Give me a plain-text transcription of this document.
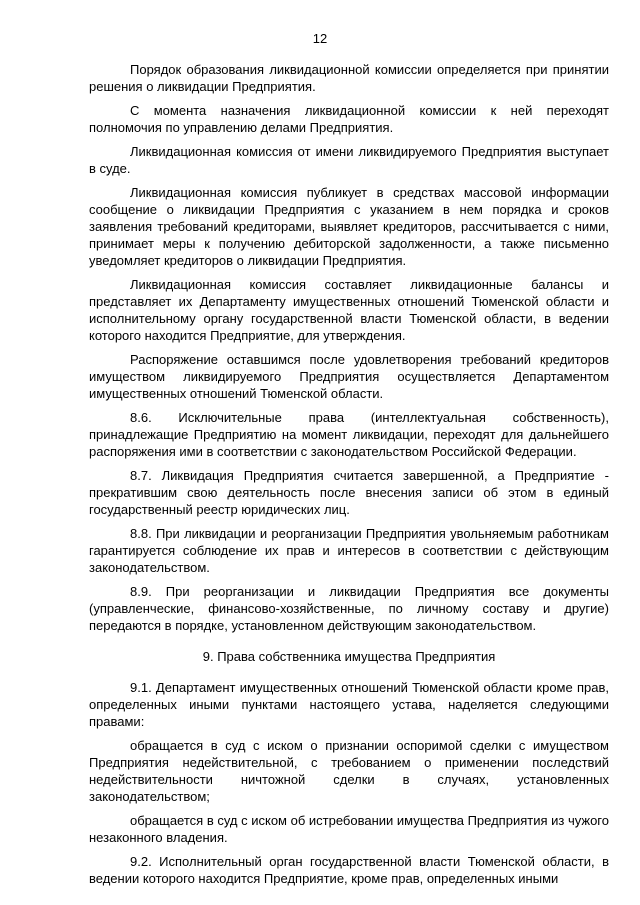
12

Порядок образования ликвидационной комиссии определяется при принятии решения о ликвидации Предприятия.

С момента назначения ликвидационной комиссии к ней переходят полномочия по управлению делами Предприятия.

Ликвидационная комиссия от имени ликвидируемого Предприятия выступает в суде.

Ликвидационная комиссия публикует в средствах массовой информации сообщение о ликвидации Предприятия с указанием в нем порядка и сроков заявления требований кредиторами, выявляет кредиторов, рассчитывается с ними, принимает меры к получению дебиторской задолженности, а также письменно уведомляет кредиторов о ликвидации Предприятия.

Ликвидационная комиссия составляет ликвидационные балансы и представляет их Департаменту имущественных отношений Тюменской области и исполнительному органу государственной власти Тюменской области, в ведении которого находится Предприятие, для утверждения.

Распоряжение оставшимся после удовлетворения требований кредиторов имуществом ликвидируемого Предприятия осуществляется Департаментом имущественных отношений Тюменской области.

8.6. Исключительные права (интеллектуальная собственность), принадлежащие Предприятию на момент ликвидации, переходят для дальнейшего распоряжения ими в соответствии с законодательством Российской Федерации.

8.7. Ликвидация Предприятия считается завершенной, а Предприятие - прекратившим свою деятельность после внесения записи об этом в единый государственный реестр юридических лиц.

8.8. При ликвидации и реорганизации Предприятия увольняемым работникам гарантируется соблюдение их прав и интересов в соответствии с действующим законодательством.

8.9. При реорганизации и ликвидации Предприятия все документы (управленческие, финансово-хозяйственные, по личному составу и другие) передаются в порядке, установленном действующим законодательством.

9. Права собственника имущества Предприятия

9.1. Департамент имущественных отношений Тюменской области кроме прав, определенных иными пунктами настоящего устава, наделяется следующими правами:

обращается в суд с иском о признании оспоримой сделки с имуществом Предприятия недействительной, с требованием о применении последствий недействительности ничтожной сделки в случаях, установленных законодательством;

обращается в суд с иском об истребовании имущества Предприятия из чужого незаконного владения.

9.2. Исполнительный орган государственной власти Тюменской области, в ведении которого находится Предприятие, кроме прав, определенных иными
